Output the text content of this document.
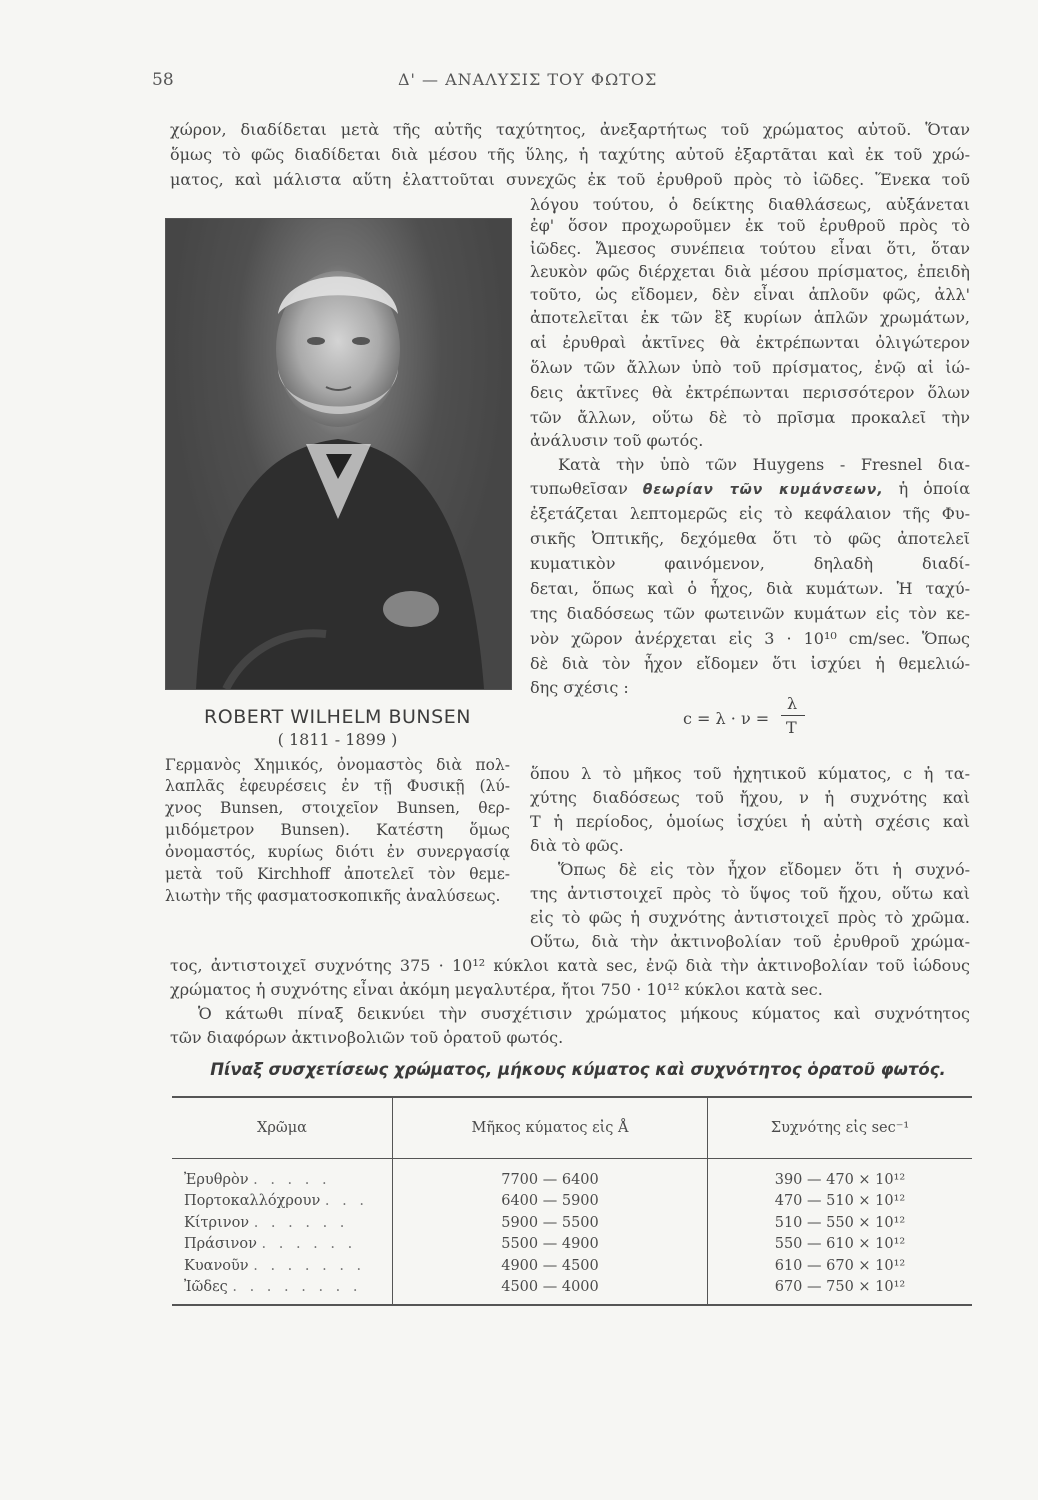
58	Δ' — ΑΝΑΛΥΣΙΣ ΤΟΥ ΦΩΤΟΣ
χώρον, διαδίδεται μετὰ τῆς αὐτῆς ταχύτητος, ἀνεξαρτήτως τοῦ χρώματος αὐτοῦ. Ὅταν
ὅμως τὸ φῶς διαδίδεται διὰ μέσου τῆς ὕλης, ἡ ταχύτης αὐτοῦ ἐξαρτᾶται καὶ ἐκ τοῦ χρώ-
ματος, καὶ μάλιστα αὕτη ἐλαττοῦται συνεχῶς ἐκ τοῦ ἐρυθροῦ πρὸς τὸ ἰῶδες. Ἕνεκα τοῦ
λόγου τούτου, ὁ δείκτης διαθλάσεως, αὐξάνεται
ἐφ' ὅσον προχωροῦμεν ἐκ τοῦ ἐρυθροῦ πρὸς τὸ
ἰῶδες. Ἄμεσος συνέπεια τούτου εἶναι ὅτι, ὅταν
λευκὸν φῶς διέρχεται διὰ μέσου πρίσματος, ἐπειδὴ
τοῦτο, ὡς εἴδομεν, δὲν εἶναι ἁπλοῦν φῶς, ἀλλ'
ἀποτελεῖται ἐκ τῶν ἓξ κυρίων ἁπλῶν χρωμάτων,
αἱ ἐρυθραὶ ἀκτῖνες θὰ ἐκτρέπωνται ὀλιγώτερον
ὅλων τῶν ἄλλων ὑπὸ τοῦ πρίσματος, ἐνῷ αἱ ἰώ-
δεις ἀκτῖνες θὰ ἐκτρέπωνται περισσότερον ὅλων
τῶν ἄλλων, οὕτω δὲ τὸ πρῖσμα προκαλεῖ τὴν
ἀνάλυσιν τοῦ φωτός.
Κατὰ τὴν ὑπὸ τῶν Huygens - Fresnel δια-
τυπωθεῖσαν θεωρίαν τῶν κυμάνσεων, ἡ ὁποία
ἐξετάζεται λεπτομερῶς εἰς τὸ κεφάλαιον τῆς Φυ-
σικῆς Ὀπτικῆς, δεχόμεθα ὅτι τὸ φῶς ἀποτελεῖ
κυματικὸν φαινόμενον, δηλαδὴ διαδί-
δεται, ὅπως καὶ ὁ ἦχος, διὰ κυμάτων. Ἡ ταχύ-
της διαδόσεως τῶν φωτεινῶν κυμάτων εἰς τὸν κε-
νὸν χῶρον ἀνέρχεται εἰς 3 · 10¹⁰ cm/sec. Ὅπως
δὲ διὰ τὸν ἦχον εἴδομεν ὅτι ἰσχύει ἡ θεμελιώ-
δης σχέσις :
c = λ · ν =
λ
T
ὅπου λ τὸ μῆκος τοῦ ἠχητικοῦ κύματος, c ἡ τα-
χύτης διαδόσεως τοῦ ἤχου, ν ἡ συχνότης καὶ
T ἡ περίοδος, ὁμοίως ἰσχύει ἡ αὐτὴ σχέσις καὶ
διὰ τὸ φῶς.
Ὅπως δὲ εἰς τὸν ἦχον εἴδομεν ὅτι ἡ συχνό-
της ἀντιστοιχεῖ πρὸς τὸ ὕψος τοῦ ἤχου, οὕτω καὶ
εἰς τὸ φῶς ἡ συχνότης ἀντιστοιχεῖ πρὸς τὸ χρῶμα.
Οὕτω, διὰ τὴν ἀκτινοβολίαν τοῦ ἐρυθροῦ χρώμα-
τος, ἀντιστοιχεῖ συχνότης 375 · 10¹² κύκλοι κατὰ sec, ἐνῷ διὰ τὴν ἀκτινοβολίαν τοῦ ἰώδους
χρώματος ἡ συχνότης εἶναι ἀκόμη μεγαλυτέρα, ἤτοι 750 · 10¹² κύκλοι κατὰ sec.
Ὁ κάτωθι πίναξ δεικνύει τὴν συσχέτισιν χρώματος μήκους κύματος καὶ συχνότητος
τῶν διαφόρων ἀκτινοβολιῶν τοῦ ὁρατοῦ φωτός.
ROBERT WILHELM BUNSEN
( 1811 - 1899 )
Γερμανὸς Χημικός, ὀνομαστὸς διὰ πολ-
λαπλᾶς ἐφευρέσεις ἐν τῇ Φυσικῇ (λύ-
χνος Bunsen, στοιχεῖον Bunsen, θερ-
μιδόμετρον Bunsen). Κατέστη ὅμως
ὀνομαστός, κυρίως διότι ἐν συνεργασίᾳ
μετὰ τοῦ Kirchhoff ἀποτελεῖ τὸν θεμε-
λιωτὴν τῆς φασματοσκοπικῆς ἀναλύσεως.
Πίναξ συσχετίσεως χρώματος, μήκους κύματος καὶ συχνότητος ὁρατοῦ φωτός.
Χρῶμα	Μῆκος κύματος εἰς Å	Συχνότης εἰς sec⁻¹
Ἐρυθρὸν . . . . .	7700 — 6400	390 — 470 × 10¹²
Πορτοκαλλόχρουν . . .	6400 — 5900	470 — 510 × 10¹²
Κίτρινον . . . . . .	5900 — 5500	510 — 550 × 10¹²
Πράσινον . . . . . .	5500 — 4900	550 — 610 × 10¹²
Κυανοῦν . . . . . . .	4900 — 4500	610 — 670 × 10¹²
Ἰῶδες . . . . . . . .	4500 — 4000	670 — 750 × 10¹²
